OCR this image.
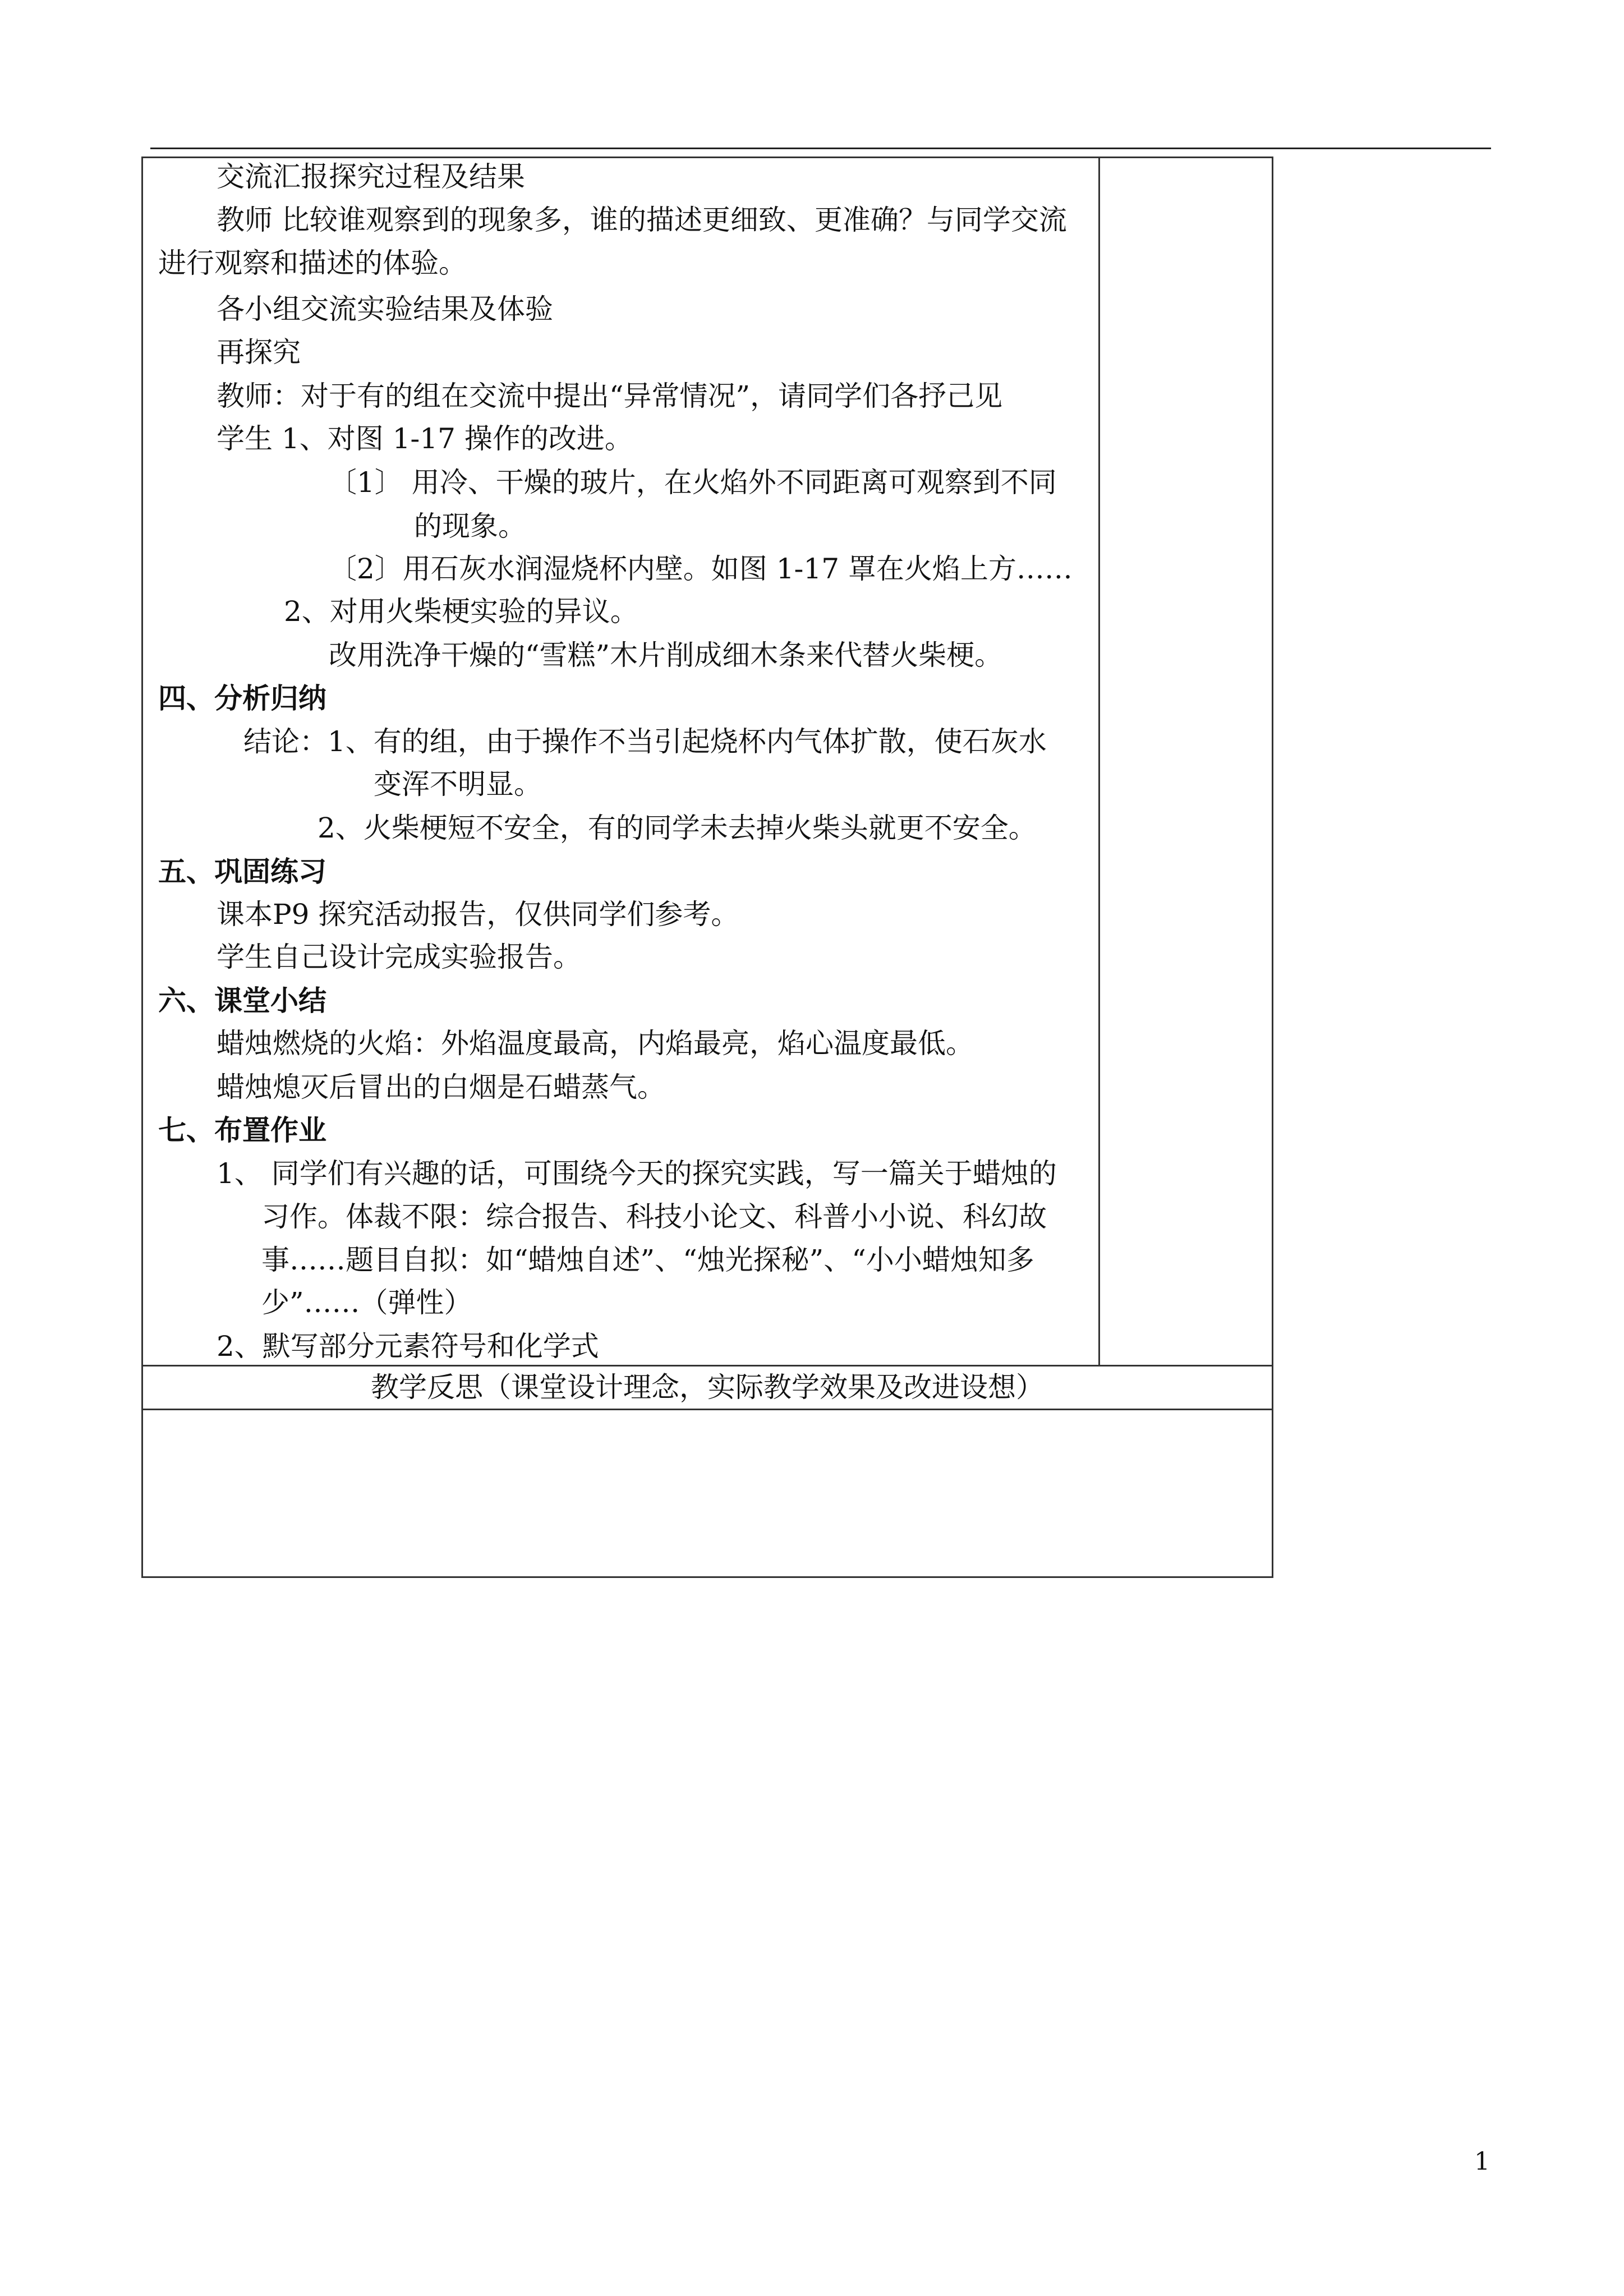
交流汇报探究过程及结果
教师 比较谁观察到的现象多，谁的描述更细致、更准确？与同学交流
进行观察和描述的体验。
各小组交流实验结果及体验
再探究
教师：对于有的组在交流中提出“异常情况”，请同学们各抒己见
学生 1、对图 1-17 操作的改进。
〔1〕 用冷、干燥的玻片，在火焰外不同距离可观察到不同
的现象。
〔2〕用石灰水润湿烧杯内壁。如图 1-17 罩在火焰上方……
2、对用火柴梗实验的异议。
改用洗净干燥的“雪糕”木片削成细木条来代替火柴梗。
四、分析归纳
结论：1、有的组，由于操作不当引起烧杯内气体扩散，使石灰水
变浑不明显。
2、火柴梗短不安全，有的同学未去掉火柴头就更不安全。
五、巩固练习
课本P9 探究活动报告，仅供同学们参考。
学生自己设计完成实验报告。
六、课堂小结
蜡烛燃烧的火焰：外焰温度最高，内焰最亮，焰心温度最低。
蜡烛熄灭后冒出的白烟是石蜡蒸气。
七、布置作业
1、 同学们有兴趣的话，可围绕今天的探究实践，写一篇关于蜡烛的
习作。体裁不限：综合报告、科技小论文、科普小小说、科幻故
事……题目自拟：如“蜡烛自述”、“烛光探秘”、“小小蜡烛知多
少”……（弹性）
2、默写部分元素符号和化学式
教学反思（课堂设计理念，实际教学效果及改进设想）
1
